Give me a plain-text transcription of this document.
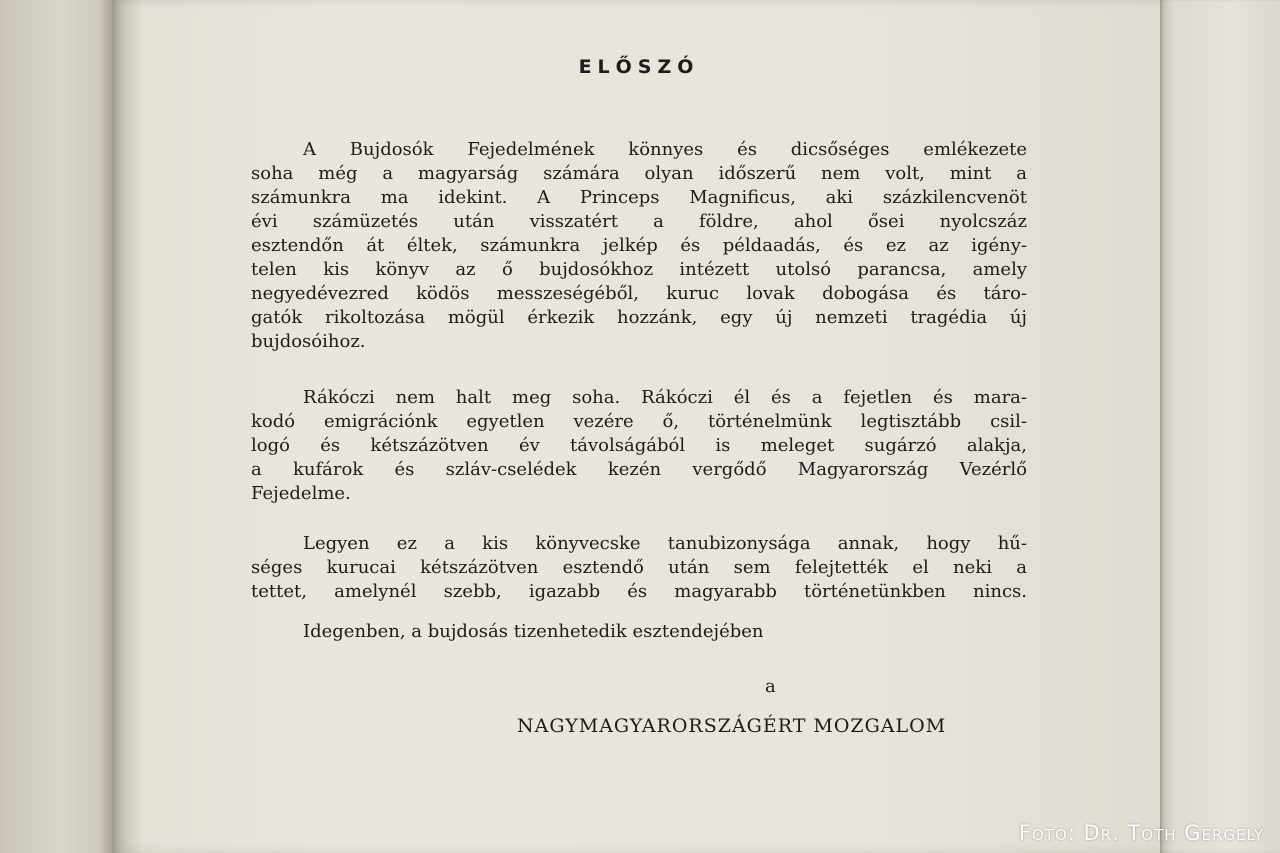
ELŐSZÓ

A Bujdosók Fejedelmének könnyes és dicsőséges emlékezete
soha még a magyarság számára olyan időszerű nem volt, mint a
számunkra ma idekint. A Princeps Magnificus, aki százkilencvenöt
évi számüzetés után visszatért a földre, ahol ősei nyolcszáz
esztendőn át éltek, számunkra jelkép és példaadás, és ez az igény-
telen kis könyv az ő bujdosókhoz intézett utolsó parancsa, amely
negyedévezred ködös messzeségéből, kuruc lovak dobogása és táro-
gatók rikoltozása mögül érkezik hozzánk, egy új nemzeti tragédia új
bujdosóihoz.

Rákóczi nem halt meg soha. Rákóczi él és a fejetlen és mara-
kodó emigrációnk egyetlen vezére ő, történelmünk legtisztább csil-
logó és kétszázötven év távolságából is meleget sugárzó alakja,
a kufárok és szláv-cselédek kezén vergődő Magyarország Vezérlő
Fejedelme.

Legyen ez a kis könyvecske tanubizonysága annak, hogy hű-
séges kurucai kétszázötven esztendő után sem felejtették el neki a
tettet, amelynél szebb, igazabb és magyarabb történetünkben nincs.

Idegenben, a bujdosás tizenhetedik esztendejében

a
NAGYMAGYARORSZÁGÉRT MOZGALOM
Fotó: Dr. Tóth Gergely
